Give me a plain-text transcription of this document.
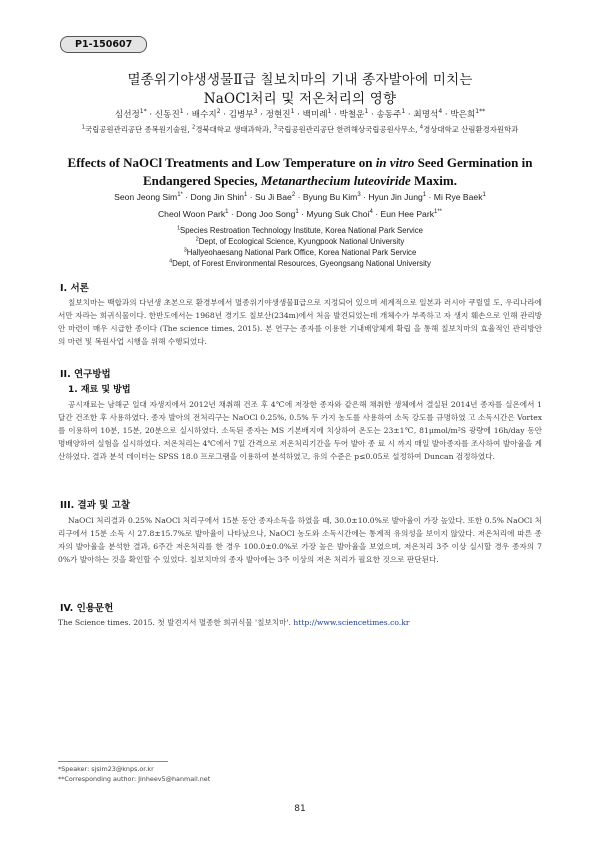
P1-150607
멸종위기야생생물Ⅱ급 칠보치마의 기내 종자발아에 미치는
NaOCl처리 및 저온처리의 영향
심선정$^{1*}$ · 신동진$^1$ · 배수지$^2$ · 김병부$^3$ · 정현진$^1$ · 백미례$^1$ · 박철운$^1$ · 송동주$^1$ · 최명석$^4$ · 박은희$^{1**}$
$^1$국립공원관리공단 종복원기술원, $^2$경북대학교 생태과학과, $^3$국립공원관리공단 한려해상국립공원사무소, $^4$경상대학교 산림환경자원학과
Effects of NaOCl Treatments and Low Temperature on in vitro Seed Germination in
Endangered Species, Metanarthecium luteoviride Maxim.
Seon Jeong Sim$^{1*}$ · Dong Jin Shin$^1$ · Su Ji Bae$^2$ · Byung Bu Kim$^3$ · Hyun Jin Jung$^1$ · Mi Rye Baek$^1$
Cheol Woon Park$^1$ · Dong Joo Song$^1$ · Myung Suk Choi$^4$ · Eun Hee Park$^{1**}$
$^1$Species Restroation Technology Institute, Korea National Park Service
$^2$Dept, of Ecological Science, Kyungpook National University
$^3$Hallyeohaesang National Park Office, Korea National Park Service
$^4$Dept, of Forest Environmental Resources, Gyeongsang National University
I. 서론
칠보치마는 백합과의 다년생 초본으로 환경부에서 멸종위기야생생물Ⅱ급으로 지정되어 있으며 세계적으로 일본과 러시아 쿠릴열 도, 우리나라에서만 자라는 희귀식물이다. 한반도에서는 1968년 경기도 칠보산(234m)에서 처음 발견되었는데 개체수가 부족하고 자 생지 훼손으로 인해 관리방안 마련이 매우 시급한 종이다 (The science times, 2015). 본 연구는 종자를 이용한 기내배양체계 확립 을 통해 칠보치마의 효율적인 관리방안의 마련 및 복원사업 시행을 위해 수행되었다.
II. 연구방법
1. 재료 및 방법
공시재료는 남해군 일대 자생지에서 2012년 채취해 건조 후 4℃에 저장한 종자와 같은해 채취한 생체에서 결실된 2014년 종자를 실온에서 1달간 건조한 후 사용하였다. 종자 발아의 전처리구는 NaOCl 0.25%, 0.5% 두 가지 농도를 사용하여 소독 강도를 규명하였 고 소독시간은 Vortex를 이용하여 10분, 15분, 20분으로 실시하였다. 소독된 종자는 MS 기본배지에 치상하여 온도는 23±1℃, 81μmol/m²S 광량에 16h/day 동안 명배양하여 실험을 실시하였다. 저온처리는 4℃에서 7일 간격으로 저온처리기간을 두어 발아 종 료 시 까지 매일 발아종자를 조사하여 발아율을 계산하였다. 결과 분석 데이터는 SPSS 18.0 프로그램을 이용하여 분석하였고, 유의 수준은 p≤0.05로 설정하여 Duncan 검정하였다.
III. 결과 및 고찰
NaOCl 처리결과 0.25% NaOCl 처리구에서 15분 동안 종자소독을 하였을 때, 30.0±10.0%로 발아율이 가장 높았다. 또한 0.5% NaOCl 처리구에서 15분 소독 시 27.8±15.7%로 발아율이 나타났으나, NaOCl 농도와 소독시간에는 통계적 유의성을 보이지 않았다. 저온처리에 따른 종자의 발아율을 분석한 결과, 6주간 저온처리를 한 경우 100.0±0.0%로 가장 높은 발아율을 보였으며, 저온처리 3주 이상 실시할 경우 종자의 70%가 발아하는 것을 확인할 수 있었다. 칠보치마의 종자 발아에는 3주 이상의 저온 처리가 필요한 것으로 판단된다.
IV. 인용문헌
The Science times. 2015. 첫 발견지서 멸종한 희귀식물 '칠보치마'. http://www.sciencetimes.co.kr
*Speaker: sjsim23@knps.or.kr
**Corresponding author: Jinheev5@hanmail.net
81
